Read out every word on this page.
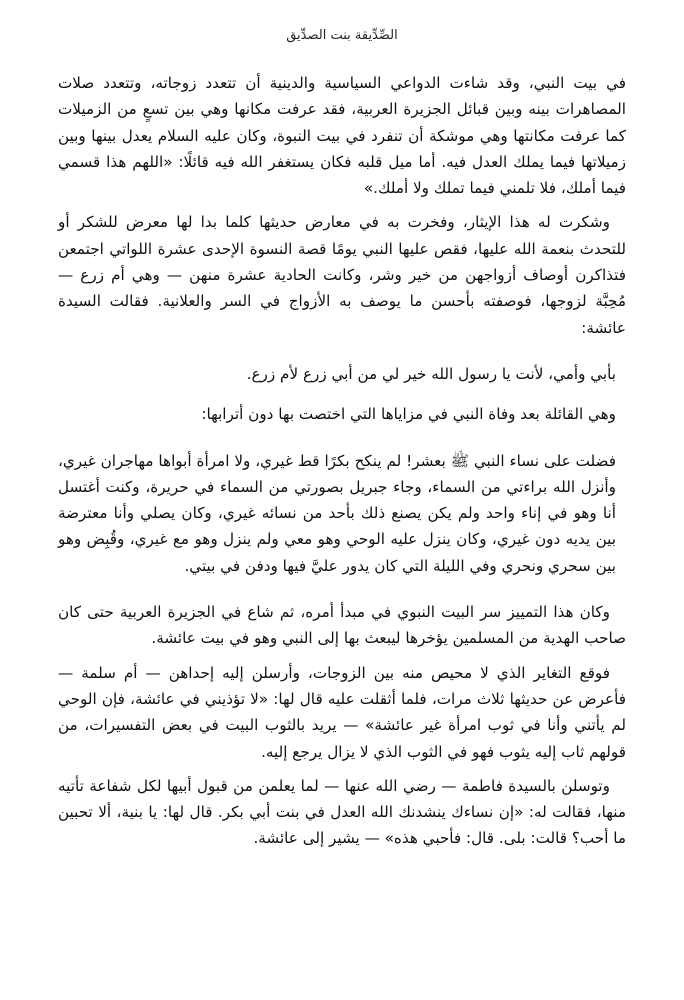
الصِّدِّيقة بنت الصدِّيق

في بيت النبي، وقد شاءت الدواعي السياسية والدينية أن تتعدد زوجاته، وتتعدد صلات المصاهرات بينه وبين قبائل الجزيرة العربية، فقد عرفت مكانها وهي بين تسعٍ من الزميلات كما عرفت مكانتها وهي موشكة أن تنفرد في بيت النبوة، وكان عليه السلام يعدل بينها وبين زميلاتها فيما يملك العدل فيه. أما ميل قلبه فكان يستغفر الله فيه قائلًا: «اللهم هذا قسمي فيما أملك، فلا تلمني فيما تملك ولا أملك.»

وشكرت له هذا الإيثار، وفخرت به في معارض حديثها كلما بدا لها معرض للشكر أو للتحدث بنعمة الله عليها، فقص عليها النبي يومًا قصة النسوة الإحدى عشرة اللواتي اجتمعن فتذاكرن أوصاف أزواجهن من خير وشر، وكانت الحادية عشرة منهن — وهي أم زرع — مُحِبَّة لزوجها، فوصفته بأحسن ما يوصف به الأزواج في السر والعلانية. فقالت السيدة عائشة:

بأبي وأمي، لأنت يا رسول الله خير لي من أبي زرع لأم زرع.

وهي القائلة بعد وفاة النبي في مزاياها التي اختصت بها دون أترابها:

فضلت على نساء النبي ﷺ بعشر! لم ينكح بكرًا قط غيري، ولا امرأة أبواها مهاجران غيري، وأنزل الله براءتي من السماء، وجاء جبريل بصورتي من السماء في حريرة، وكنت أغتسل أنا وهو في إناء واحد ولم يكن يصنع ذلك بأحد من نسائه غيري، وكان يصلي وأنا معترضة بين يديه دون غيري، وكان ينزل عليه الوحي وهو معي ولم ينزل وهو مع غيري، وقُبِض وهو بين سحري ونحري وفي الليلة التي كان يدور عليَّ فيها ودفن في بيتي.

وكان هذا التمييز سر البيت النبوي في مبدأ أمره، ثم شاع في الجزيرة العربية حتى كان صاحب الهدية من المسلمين يؤخرها ليبعث بها إلى النبي وهو في بيت عائشة.

فوقع التغاير الذي لا محيص منه بين الزوجات، وأرسلن إليه إحداهن — أم سلمة — فأعرض عن حديثها ثلاث مرات، فلما أثقلت عليه قال لها: «لا تؤذيني في عائشة، فإن الوحي لم يأتني وأنا في ثوب امرأة غير عائشة» — يريد بالثوب البيت في بعض التفسيرات، من قولهم ثاب إليه يثوب فهو في الثوب الذي لا يزال يرجع إليه.

وتوسلن بالسيدة فاطمة — رضي الله عنها — لما يعلمن من قبول أبيها لكل شفاعة تأتيه منها، فقالت له: «إن نساءك ينشدنك الله العدل في بنت أبي بكر. قال لها: يا بنية، ألا تحبين ما أحب؟ قالت: بلى. قال: فأحبي هذه» — يشير إلى عائشة.
